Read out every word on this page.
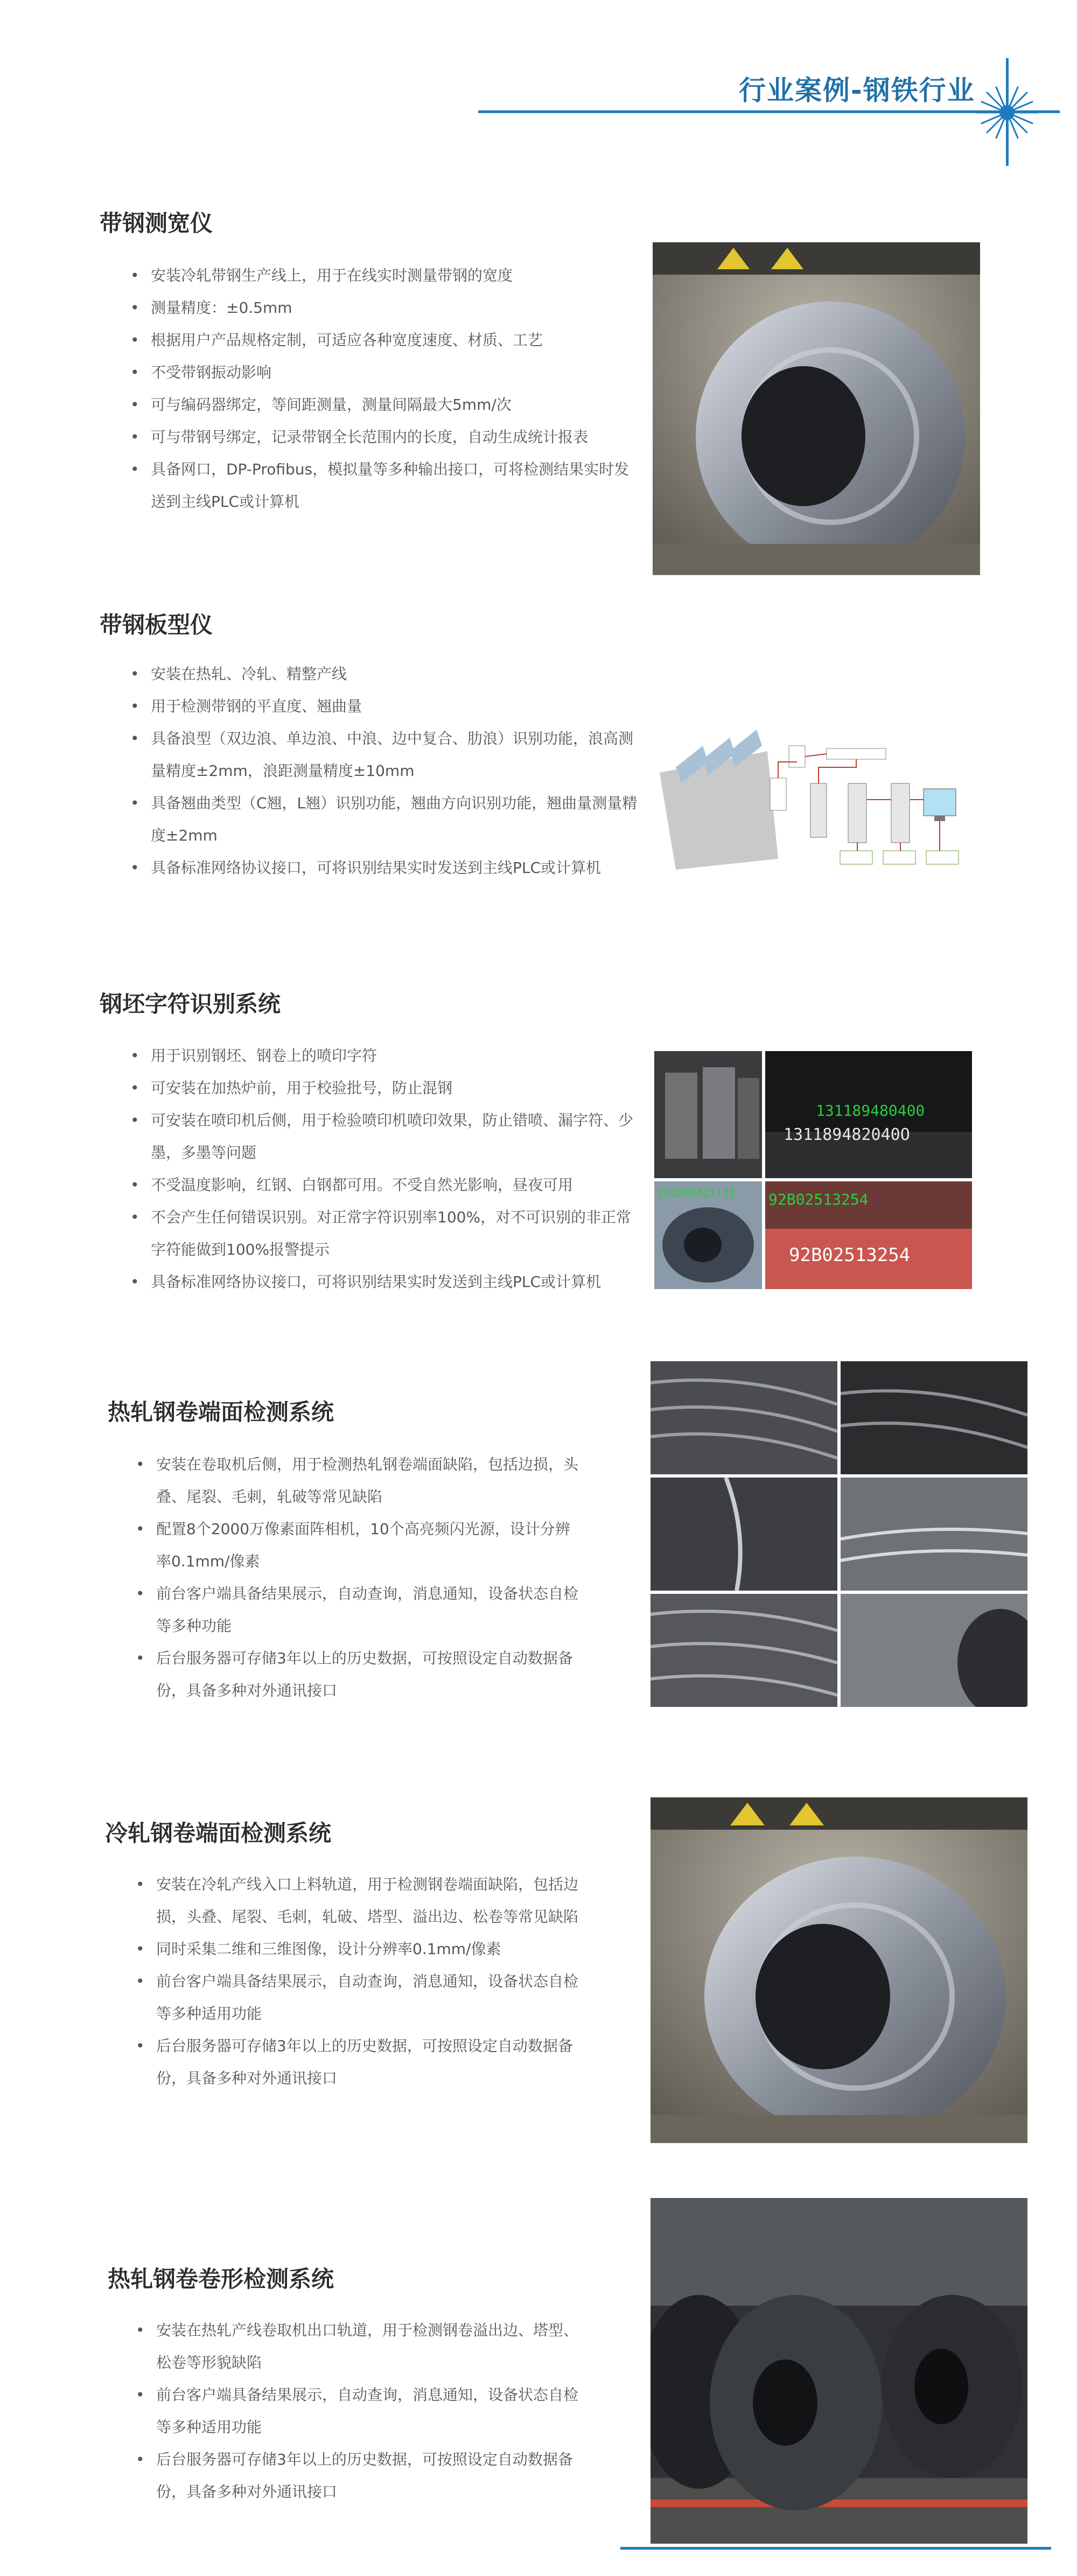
行业案例-钢铁行业
带钢测宽仪
• 安装冷轧带钢生产线上，用于在线实时测量带钢的宽度
• 测量精度：±0.5mm
• 根据用户产品规格定制，可适应各种宽度速度、材质、工艺
• 不受带钢振动影响
• 可与编码器绑定，等间距测量，测量间隔最大5mm/次
• 可与带钢号绑定，记录带钢全长范围内的长度，自动生成统计报表
• 具备网口，DP-Profibus，模拟量等多种输出接口，可将检测结果实时发送到主线PLC或计算机
带钢板型仪
• 安装在热轧、冷轧、精整产线
• 用于检测带钢的平直度、翘曲量
• 具备浪型（双边浪、单边浪、中浪、边中复合、肋浪）识别功能，浪高测量精度±2mm，浪距测量精度±10mm
• 具备翘曲类型（C翘，L翘）识别功能，翘曲方向识别功能，翘曲量测量精度±2mm
• 具备标准网络协议接口，可将识别结果实时发送到主线PLC或计算机
钢坯字符识别系统
• 用于识别钢坯、钢卷上的喷印字符
• 可安装在加热炉前，用于校验批号，防止混钢
• 可安装在喷印机后侧，用于检验喷印机喷印效果，防止错喷、漏字符、少墨，多墨等问题
• 不受温度影响，红钢、白钢都可用。不受自然光影响，昼夜可用
• 不会产生任何错误识别。对正常字符识别率100%，对不可识别的非正常字符能做到100%报警提示
• 具备标准网络协议接口，可将识别结果实时发送到主线PLC或计算机
131189480400
131189482040O
201209A21131 92B02513254
92B02513254
热轧钢卷端面检测系统
• 安装在卷取机后侧，用于检测热轧钢卷端面缺陷，包括边损，头叠、尾裂、毛刺，轧破等常见缺陷
• 配置8个2000万像素面阵相机，10个高亮频闪光源，设计分辨率0.1mm/像素
• 前台客户端具备结果展示，自动查询，消息通知，设备状态自检等多种功能
• 后台服务器可存储3年以上的历史数据，可按照设定自动数据备份，具备多种对外通讯接口
冷轧钢卷端面检测系统
• 安装在冷轧产线入口上料轨道，用于检测钢卷端面缺陷，包括边损，头叠、尾裂、毛刺，轧破、塔型、溢出边、松卷等常见缺陷
• 同时采集二维和三维图像，设计分辨率0.1mm/像素
• 前台客户端具备结果展示，自动查询，消息通知，设备状态自检等多种适用功能
• 后台服务器可存储3年以上的历史数据，可按照设定自动数据备份，具备多种对外通讯接口
热轧钢卷卷形检测系统
• 安装在热轧产线卷取机出口轨道，用于检测钢卷溢出边、塔型、松卷等形貌缺陷
• 前台客户端具备结果展示，自动查询，消息通知，设备状态自检等多种适用功能
• 后台服务器可存储3年以上的历史数据，可按照设定自动数据备份，具备多种对外通讯接口
